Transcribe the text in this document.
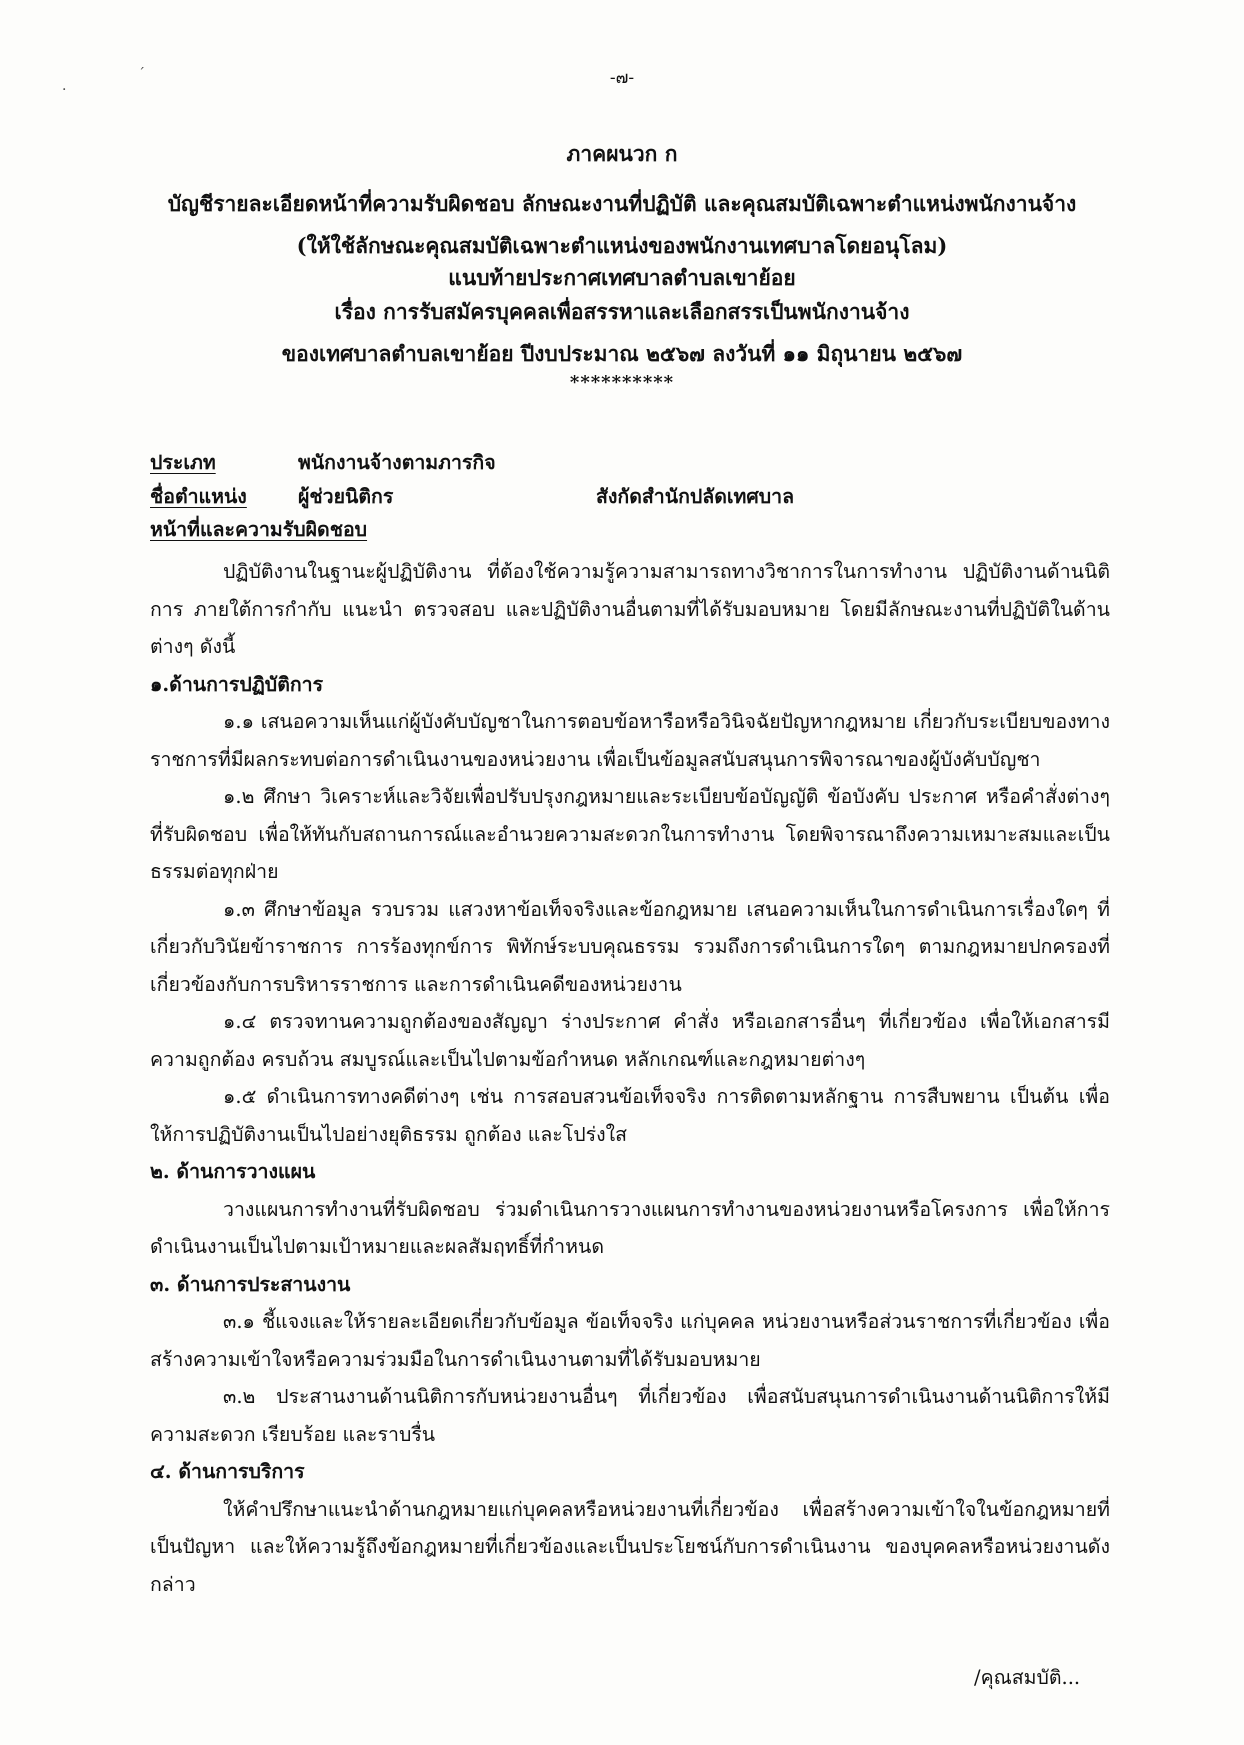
´
·
-๗-
ภาคผนวก ก
บัญชีรายละเอียดหน้าที่ความรับผิดชอบ ลักษณะงานที่ปฏิบัติ และคุณสมบัติเฉพาะตำแหน่งพนักงานจ้าง
(ให้ใช้ลักษณะคุณสมบัติเฉพาะตำแหน่งของพนักงานเทศบาลโดยอนุโลม)
แนบท้ายประกาศเทศบาลตำบลเขาย้อย
เรื่อง การรับสมัครบุคคลเพื่อสรรหาและเลือกสรรเป็นพนักงานจ้าง
ของเทศบาลตำบลเขาย้อย ปีงบประมาณ ๒๕๖๗ ลงวันที่ ๑๑ มิถุนายน ๒๕๖๗
**********
ประเภท	พนักงานจ้างตามภารกิจ
ชื่อตำแหน่ง	ผู้ช่วยนิติกร	สังกัดสำนักปลัดเทศบาล
หน้าที่และความรับผิดชอบ

ปฏิบัติงานในฐานะผู้ปฏิบัติงาน ที่ต้องใช้ความรู้ความสามารถทางวิชาการในการทำงาน ปฏิบัติงานด้านนิติการ ภายใต้การกำกับ แนะนำ ตรวจสอบ และปฏิบัติงานอื่นตามที่ได้รับมอบหมาย โดยมีลักษณะงานที่ปฏิบัติในด้านต่างๆ ดังนี้

๑.ด้านการปฏิบัติการ

๑.๑ เสนอความเห็นแก่ผู้บังคับบัญชาในการตอบข้อหารือหรือวินิจฉัยปัญหากฎหมาย เกี่ยวกับระเบียบของทางราชการที่มีผลกระทบต่อการดำเนินงานของหน่วยงาน เพื่อเป็นข้อมูลสนับสนุนการพิจารณาของผู้บังคับบัญชา

๑.๒ ศึกษา วิเคราะห์และวิจัยเพื่อปรับปรุงกฎหมายและระเบียบข้อบัญญัติ ข้อบังคับ ประกาศ หรือคำสั่งต่างๆ ที่รับผิดชอบ เพื่อให้ทันกับสถานการณ์และอำนวยความสะดวกในการทำงาน โดยพิจารณาถึงความเหมาะสมและเป็นธรรมต่อทุกฝ่าย

๑.๓ ศึกษาข้อมูล รวบรวม แสวงหาข้อเท็จจริงและข้อกฎหมาย เสนอความเห็นในการดำเนินการเรื่องใดๆ ที่เกี่ยวกับวินัยข้าราชการ การร้องทุกข์การ พิทักษ์ระบบคุณธรรม รวมถึงการดำเนินการใดๆ ตามกฎหมายปกครองที่เกี่ยวข้องกับการบริหารราชการ และการดำเนินคดีของหน่วยงาน

๑.๔ ตรวจทานความถูกต้องของสัญญา ร่างประกาศ คำสั่ง หรือเอกสารอื่นๆ ที่เกี่ยวข้อง เพื่อให้เอกสารมีความถูกต้อง ครบถ้วน สมบูรณ์และเป็นไปตามข้อกำหนด หลักเกณฑ์และกฎหมายต่างๆ

๑.๕ ดำเนินการทางคดีต่างๆ เช่น การสอบสวนข้อเท็จจริง การติดตามหลักฐาน การสืบพยาน เป็นต้น เพื่อให้การปฏิบัติงานเป็นไปอย่างยุติธรรม ถูกต้อง และโปร่งใส

๒. ด้านการวางแผน

วางแผนการทำงานที่รับผิดชอบ ร่วมดำเนินการวางแผนการทำงานของหน่วยงานหรือโครงการ เพื่อให้การดำเนินงานเป็นไปตามเป้าหมายและผลสัมฤทธิ์ที่กำหนด

๓. ด้านการประสานงาน

๓.๑ ชี้แจงและให้รายละเอียดเกี่ยวกับข้อมูล ข้อเท็จจริง แก่บุคคล หน่วยงานหรือส่วนราชการที่เกี่ยวข้อง เพื่อสร้างความเข้าใจหรือความร่วมมือในการดำเนินงานตามที่ได้รับมอบหมาย

๓.๒ ประสานงานด้านนิติการกับหน่วยงานอื่นๆ ที่เกี่ยวข้อง เพื่อสนับสนุนการดำเนินงานด้านนิติการให้มีความสะดวก เรียบร้อย และราบรื่น

๔. ด้านการบริการ

ให้คำปรึกษาแนะนำด้านกฎหมายแก่บุคคลหรือหน่วยงานที่เกี่ยวข้อง เพื่อสร้างความเข้าใจในข้อกฎหมายที่เป็นปัญหา และให้ความรู้ถึงข้อกฎหมายที่เกี่ยวข้องและเป็นประโยชน์กับการดำเนินงาน ของบุคคลหรือหน่วยงานดังกล่าว

/คุณสมบัติ...
